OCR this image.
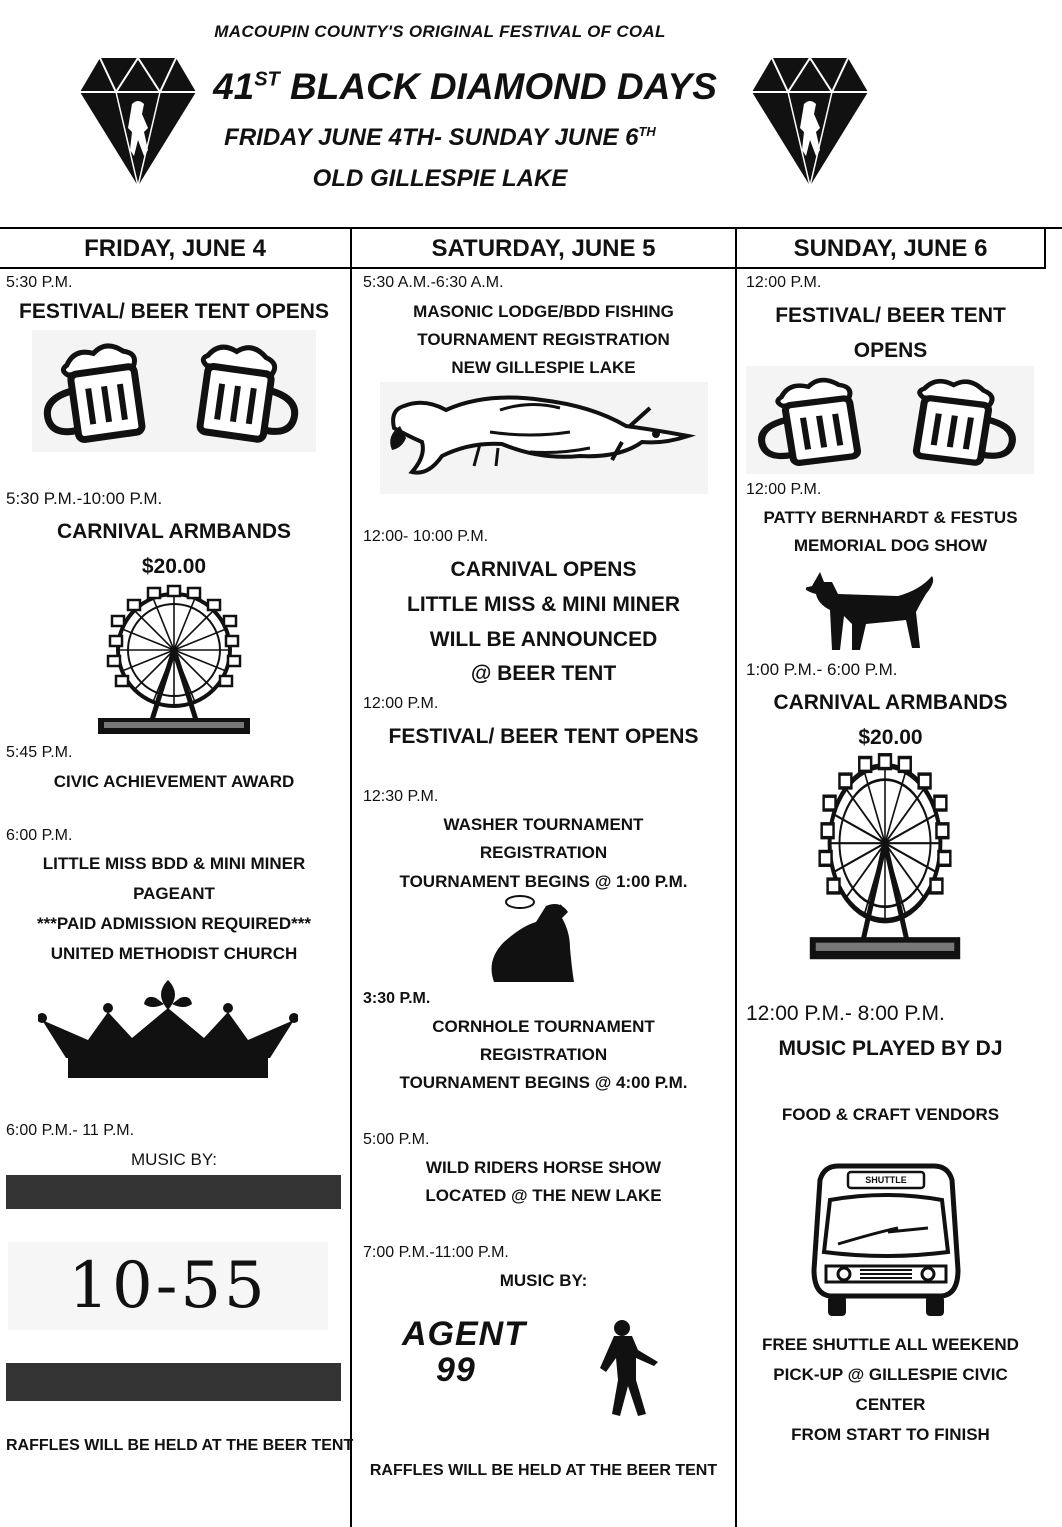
MACOUPIN COUNTY'S ORIGINAL FESTIVAL OF COAL
41ST BLACK DIAMOND DAYS
FRIDAY JUNE 4TH- SUNDAY JUNE 6TH
OLD GILLESPIE LAKE
FRIDAY, JUNE 4	SATURDAY, JUNE 5	SUNDAY, JUNE 6
5:30 P.M.
FESTIVAL/ BEER TENT OPENS
5:30 P.M.-10:00 P.M.
CARNIVAL ARMBANDS
$20.00
5:45 P.M.
CIVIC ACHIEVEMENT AWARD
6:00 P.M.
LITTLE MISS BDD & MINI MINER
PAGEANT
***PAID ADMISSION REQUIRED***
UNITED METHODIST CHURCH
6:00 P.M.- 11 P.M.
MUSIC BY:
10-55
RAFFLES WILL BE HELD AT THE BEER TENT
5:30 A.M.-6:30 A.M.
MASONIC LODGE/BDD FISHING
TOURNAMENT REGISTRATION
NEW GILLESPIE LAKE
12:00- 10:00 P.M.
CARNIVAL OPENS
LITTLE MISS & MINI MINER
WILL BE ANNOUNCED
@ BEER TENT
12:00 P.M.
FESTIVAL/ BEER TENT OPENS
12:30 P.M.
WASHER TOURNAMENT
REGISTRATION
TOURNAMENT BEGINS @ 1:00 P.M.
3:30 P.M.
CORNHOLE TOURNAMENT
REGISTRATION
TOURNAMENT BEGINS @ 4:00 P.M.
5:00 P.M.
WILD RIDERS HORSE SHOW
LOCATED @ THE NEW LAKE
7:00 P.M.-11:00 P.M.
MUSIC BY:
AGENT
99
RAFFLES WILL BE HELD AT THE BEER TENT
12:00 P.M.
FESTIVAL/ BEER TENT
OPENS
12:00 P.M.
PATTY BERNHARDT & FESTUS
MEMORIAL DOG SHOW
1:00 P.M.- 6:00 P.M.
CARNIVAL ARMBANDS
$20.00
12:00 P.M.- 8:00 P.M.
MUSIC PLAYED BY DJ
FOOD & CRAFT VENDORS
SHUTTLE
FREE SHUTTLE ALL WEEKEND
PICK-UP @ GILLESPIE CIVIC
CENTER
FROM START TO FINISH
